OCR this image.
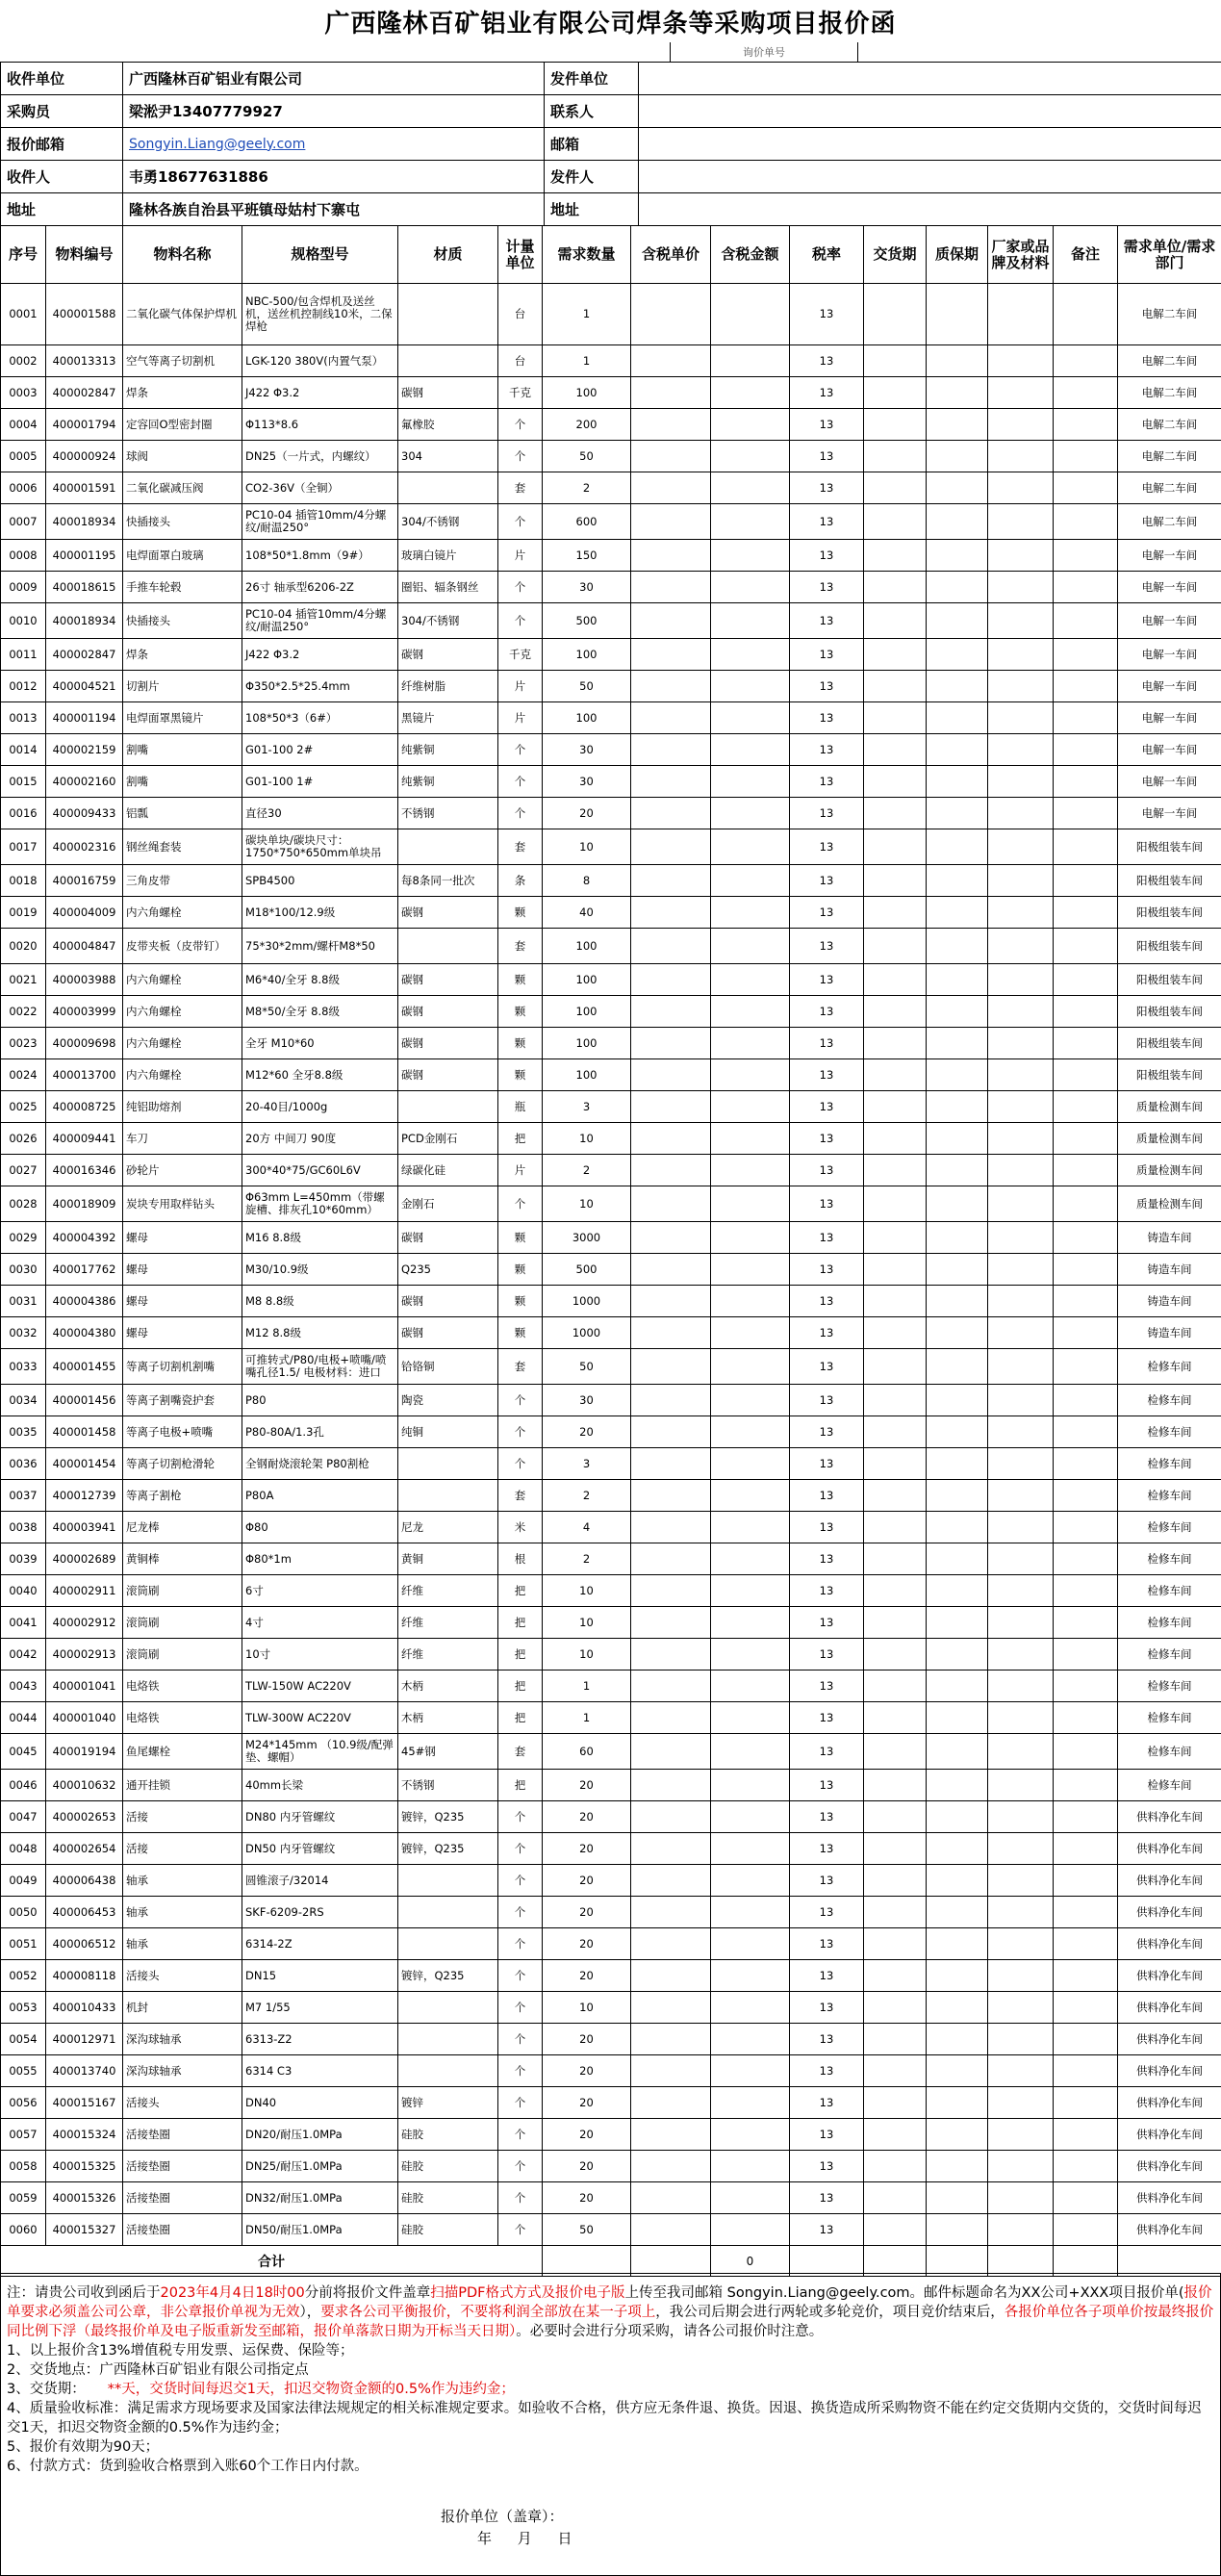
广西隆林百矿铝业有限公司焊条等采购项目报价函
询价单号
收件单位	广西隆林百矿铝业有限公司	发件单位	
采购员	梁淞尹13407779927	联系人	
报价邮箱	Songyin.Liang@geely.com	邮箱	
收件人	韦勇18677631886	发件人	
地址	隆林各族自治县平班镇母姑村下寨屯	地址	
序号	物料编号	物料名称	规格型号	材质	计量单位	需求数量	含税单价	含税金额	税率	交货期	质保期	厂家或品牌及材料	备注	需求单位/需求部门
0001	400001588	二氧化碳气体保护焊机	NBC-500/包含焊机及送丝机，送丝机控制线10米，二保焊枪		台	1			13					电解二车间
0002	400013313	空气等离子切割机	LGK-120 380V(内置气泵）		台	1			13					电解二车间
0003	400002847	焊条	J422 Φ3.2	碳钢	千克	100			13					电解二车间
0004	400001794	定容回O型密封圈	Φ113*8.6	氟橡胶	个	200			13					电解二车间
0005	400000924	球阀	DN25（一片式，内螺纹）	304	个	50			13					电解二车间
0006	400001591	二氧化碳减压阀	CO2-36V（全铜）		套	2			13					电解二车间
0007	400018934	快插接头	PC10-04 插管10mm/4分螺纹/耐温250°	304/不锈钢	个	600			13					电解二车间
0008	400001195	电焊面罩白玻璃	108*50*1.8mm（9#）	玻璃白镜片	片	150			13					电解一车间
0009	400018615	手推车轮毂	26寸 轴承型6206-2Z	圈铝、辐条钢丝	个	30			13					电解一车间
0010	400018934	快插接头	PC10-04 插管10mm/4分螺纹/耐温250°	304/不锈钢	个	500			13					电解一车间
0011	400002847	焊条	J422 Φ3.2	碳钢	千克	100			13					电解一车间
0012	400004521	切割片	Φ350*2.5*25.4mm	纤维树脂	片	50			13					电解一车间
0013	400001194	电焊面罩黑镜片	108*50*3（6#）	黑镜片	片	100			13					电解一车间
0014	400002159	割嘴	G01-100 2#	纯紫铜	个	30			13					电解一车间
0015	400002160	割嘴	G01-100 1#	纯紫铜	个	30			13					电解一车间
0016	400009433	铝瓢	直径30	不锈钢	个	20			13					电解一车间
0017	400002316	钢丝绳套装	碳块单块/碳块尺寸：1750*750*650mm单块吊		套	10			13					阳极组装车间
0018	400016759	三角皮带	SPB4500	每8条同一批次	条	8			13					阳极组装车间
0019	400004009	内六角螺栓	M18*100/12.9级	碳钢	颗	40			13					阳极组装车间
0020	400004847	皮带夹板（皮带钉）	75*30*2mm/螺杆M8*50		套	100			13					阳极组装车间
0021	400003988	内六角螺栓	M6*40/全牙 8.8级	碳钢	颗	100			13					阳极组装车间
0022	400003999	内六角螺栓	M8*50/全牙 8.8级	碳钢	颗	100			13					阳极组装车间
0023	400009698	内六角螺栓	全牙 M10*60	碳钢	颗	100			13					阳极组装车间
0024	400013700	内六角螺栓	M12*60 全牙8.8级	碳钢	颗	100			13					阳极组装车间
0025	400008725	纯铝助熔剂	20-40目/1000g		瓶	3			13					质量检测车间
0026	400009441	车刀	20方 中间刀 90度	PCD金刚石	把	10			13					质量检测车间
0027	400016346	砂轮片	300*40*75/GC60L6V	绿碳化硅	片	2			13					质量检测车间
0028	400018909	炭块专用取样钻头	Φ63mm L=450mm（带螺旋槽、排灰孔10*60mm）	金刚石	个	10			13					质量检测车间
0029	400004392	螺母	M16 8.8级	碳钢	颗	3000			13					铸造车间
0030	400017762	螺母	M30/10.9级	Q235	颗	500			13					铸造车间
0031	400004386	螺母	M8 8.8级	碳钢	颗	1000			13					铸造车间
0032	400004380	螺母	M12 8.8级	碳钢	颗	1000			13					铸造车间
0033	400001455	等离子切割机割嘴	可推转式/P80/电极+喷嘴/喷嘴孔径1.5/ 电极材料：进口	铪铬铜	套	50			13					检修车间
0034	400001456	等离子割嘴瓷护套	P80	陶瓷	个	30			13					检修车间
0035	400001458	等离子电极+喷嘴	P80-80A/1.3孔	纯铜	个	20			13					检修车间
0036	400001454	等离子切割枪滑轮	全钢耐烧滚轮架 P80割枪		个	3			13					检修车间
0037	400012739	等离子割枪	P80A		套	2			13					检修车间
0038	400003941	尼龙棒	Φ80	尼龙	米	4			13					检修车间
0039	400002689	黄铜棒	Φ80*1m	黄铜	根	2			13					检修车间
0040	400002911	滚筒刷	6寸	纤维	把	10			13					检修车间
0041	400002912	滚筒刷	4寸	纤维	把	10			13					检修车间
0042	400002913	滚筒刷	10寸	纤维	把	10			13					检修车间
0043	400001041	电烙铁	TLW-150W AC220V	木柄	把	1			13					检修车间
0044	400001040	电烙铁	TLW-300W AC220V	木柄	把	1			13					检修车间
0045	400019194	鱼尾螺栓	M24*145mm （10.9级/配弹垫、螺帽）	45#钢	套	60			13					检修车间
0046	400010632	通开挂锁	40mm长梁	不锈钢	把	20			13					检修车间
0047	400002653	活接	DN80 内牙管螺纹	镀锌，Q235	个	20			13					供料净化车间
0048	400002654	活接	DN50 内牙管螺纹	镀锌，Q235	个	20			13					供料净化车间
0049	400006438	轴承	圆锥滚子/32014		个	20			13					供料净化车间
0050	400006453	轴承	SKF-6209-2RS		个	20			13					供料净化车间
0051	400006512	轴承	6314-2Z		个	20			13					供料净化车间
0052	400008118	活接头	DN15	镀锌，Q235	个	20			13					供料净化车间
0053	400010433	机封	M7 1/55		个	10			13					供料净化车间
0054	400012971	深沟球轴承	6313-Z2		个	20			13					供料净化车间
0055	400013740	深沟球轴承	6314 C3		个	20			13					供料净化车间
0056	400015167	活接头	DN40	镀锌	个	20			13					供料净化车间
0057	400015324	活接垫圈	DN20/耐压1.0MPa	硅胶	个	20			13					供料净化车间
0058	400015325	活接垫圈	DN25/耐压1.0MPa	硅胶	个	20			13					供料净化车间
0059	400015326	活接垫圈	DN32/耐压1.0MPa	硅胶	个	20			13					供料净化车间
0060	400015327	活接垫圈	DN50/耐压1.0MPa	硅胶	个	50			13					供料净化车间
合计								0						
注：请贵公司收到函后于2023年4月4日18时00分前将报价文件盖章扫描PDF格式方式及报价电子版上传至我司邮箱 Songyin.Liang@geely.com。邮件标题命名为XX公司+XXX项目报价单(报价单要求必须盖公司公章，非公章报价单视为无效），要求各公司平衡报价，不要将利润全部放在某一子项上，我公司后期会进行两轮或多轮竞价，项目竞价结束后，各报价单位各子项单价按最终报价同比例下浮（最终报价单及电子版重新发至邮箱，报价单落款日期为开标当天日期）。必要时会进行分项采购，请各公司报价时注意。
1、以上报价含13%增值税专用发票、运保费、保险等；
2、交货地点：广西隆林百矿铝业有限公司指定点
3、交货期： **天，交货时间每迟交1天，扣迟交物资金额的0.5%作为违约金；
4、质量验收标准：满足需求方现场要求及国家法律法规规定的相关标准规定要求。如验收不合格，供方应无条件退、换货。因退、换货造成所采购物资不能在约定交货期内交货的，交货时间每迟交1天，扣迟交物资金额的0.5%作为违约金；
5、报价有效期为90天；
6、付款方式：货到验收合格票到入账60个工作日内付款。
报价单位（盖章）：
年 月 日
